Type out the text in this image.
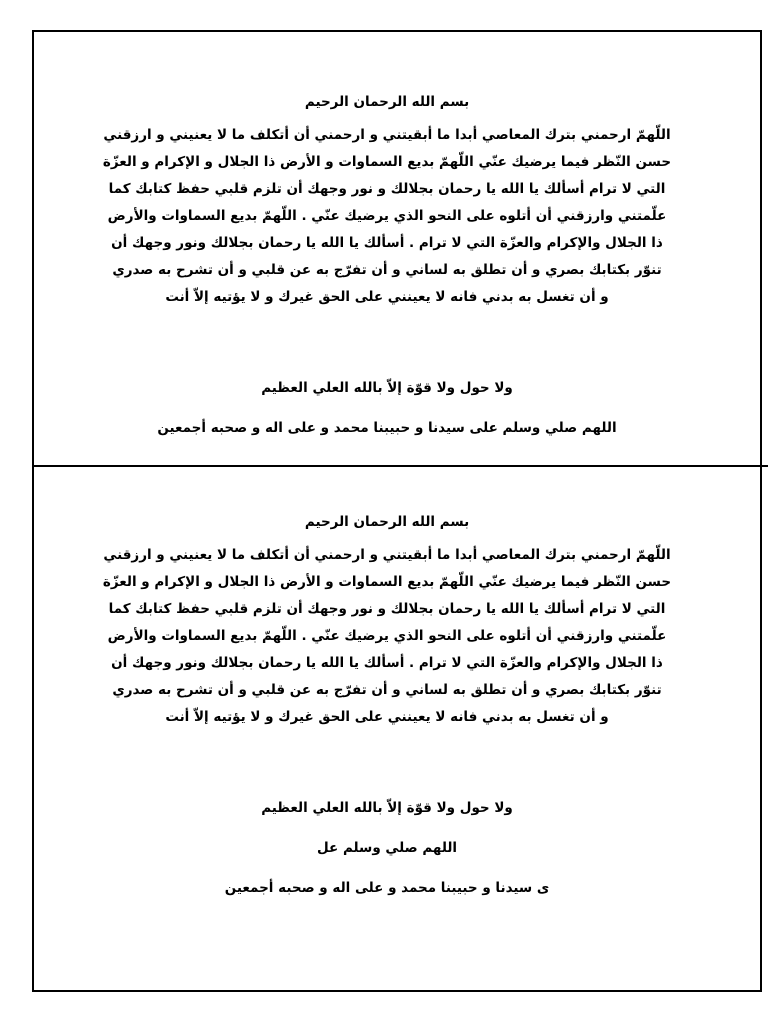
بسم الله الرحمان الرحيم
اللّهمّ ارحمني بترك المعاصي أبدا ما أبقيتني و ارحمني أن أتكلف ما لا يعنيني و ارزقني
حسن النّظر فيما يرضيك عنّي اللّهمّ بديع السماوات و الأرض ذا الجلال و الإكرام و العزّة
التي لا ترام أسألك يا الله يا رحمان بجلالك و نور وجهك أن تلزم قلبي حفظ كتابك كما
علّمتني وارزقني أن أتلوه على النحو الذي يرضيك عنّي . اللّهمّ بديع السماوات والأرض
ذا الجلال والإكرام والعزّة التي لا ترام . أسألك يا الله يا رحمان بجلالك ونور وجهك أن
تنوّر بكتابك بصري و أن تطلق به لساني و أن تفرّج به عن قلبي و أن تشرح به صدري
و أن تغسل به بدني فانه لا يعينني على الحق غيرك و لا يؤتيه إلاّ أنت
ولا حول ولا قوّة إلاّ بالله العلي العظيم
اللهم صلي وسلم على سيدنا و حبيبنا محمد و على اله و صحبه أجمعين
بسم الله الرحمان الرحيم
اللّهمّ ارحمني بترك المعاصي أبدا ما أبقيتني و ارحمني أن أتكلف ما لا يعنيني و ارزقني
حسن النّظر فيما يرضيك عنّي اللّهمّ بديع السماوات و الأرض ذا الجلال و الإكرام و العزّة
التي لا ترام أسألك يا الله يا رحمان بجلالك و نور وجهك أن تلزم قلبي حفظ كتابك كما
علّمتني وارزقني أن أتلوه على النحو الذي يرضيك عنّي . اللّهمّ بديع السماوات والأرض
ذا الجلال والإكرام والعزّة التي لا ترام . أسألك يا الله يا رحمان بجلالك ونور وجهك أن
تنوّر بكتابك بصري و أن تطلق به لساني و أن تفرّج به عن قلبي و أن تشرح به صدري
و أن تغسل به بدني فانه لا يعينني على الحق غيرك و لا يؤتيه إلاّ أنت
ولا حول ولا قوّة إلاّ بالله العلي العظيم
اللهم صلي وسلم عل
ى سيدنا و حبيبنا محمد و على اله و صحبه أجمعين
